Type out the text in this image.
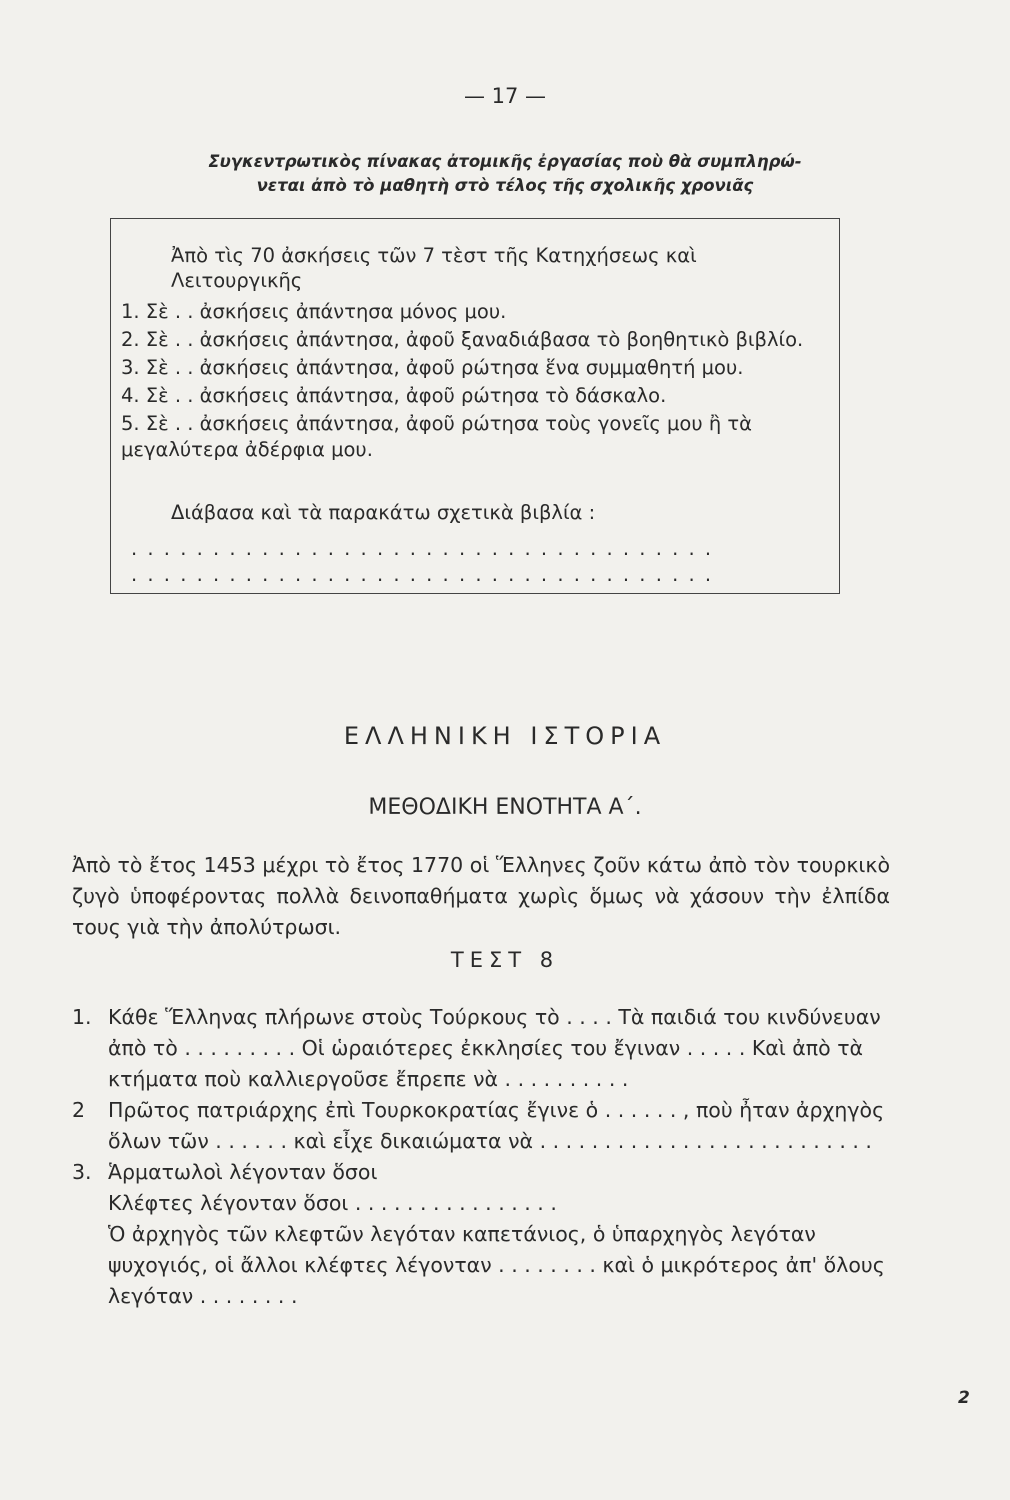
— 17 —
Συγκεντρωτικὸς πίνακας ἀτομικῆς ἐργασίας ποὺ θὰ συμπληρώ-
νεται ἀπὸ τὸ μαθητὴ στὸ τέλος τῆς σχολικῆς χρονιᾶς
Ἀπὸ τὶς 70 ἀσκήσεις τῶν 7 τὲστ τῆς Κατηχήσεως καὶ Λειτουργικῆς
1. Σὲ . . ἀσκήσεις ἀπάντησα μόνος μου.
2. Σὲ . . ἀσκήσεις ἀπάντησα, ἀφοῦ ξαναδιάβασα τὸ βοηθητικὸ βιβλίο.
3. Σὲ . . ἀσκήσεις ἀπάντησα, ἀφοῦ ρώτησα ἕνα συμμαθητή μου.
4. Σὲ . . ἀσκήσεις ἀπάντησα, ἀφοῦ ρώτησα τὸ δάσκαλο.
5. Σὲ . . ἀσκήσεις ἀπάντησα, ἀφοῦ ρώτησα τοὺς γονεῖς μου ἢ τὰ μεγαλύτερα ἀδέρφια μου.
Διάβασα καὶ τὰ παρακάτω σχετικὰ βιβλία :
. . . . . . . . . . . . . . . . . . . . . . . . . . . . . . . . . . . .
. . . . . . . . . . . . . . . . . . . . . . . . . . . . . . . . . . . .
ΕΛΛΗΝΙΚΗ ΙΣΤΟΡΙΑ
ΜΕΘΟΔΙΚΗ ΕΝΟΤΗΤΑ Α΄.
Ἀπὸ τὸ ἔτος 1453 μέχρι τὸ ἔτος 1770 οἱ Ἕλληνες ζοῦν κάτω ἀπὸ τὸν τουρκικὸ ζυγὸ ὑποφέροντας πολλὰ δεινοπαθήματα χωρὶς ὅμως νὰ χάσουν τὴν ἐλπίδα τους γιὰ τὴν ἀπολύτρωσι.
ΤΕΣΤ 8
1. Κάθε Ἕλληνας πλήρωνε στοὺς Τούρκους τὸ . . . . Τὰ παιδιά του κινδύνευαν ἀπὸ τὸ . . . . . . . . . Οἱ ὡραιότερες ἐκκλησίες του ἔγιναν . . . . . Καὶ ἀπὸ τὰ κτήματα ποὺ καλλιεργοῦσε ἔπρεπε νὰ . . . . . . . . . .
2	Πρῶτος πατριάρχης ἐπὶ Τουρκοκρατίας ἔγινε ὁ . . . . . . , ποὺ ἦταν ἀρχηγὸς ὅλων τῶν . . . . . . καὶ εἶχε δικαιώματα νὰ . . . . . . . . . . . . . . . . . . . . . . . . . .
3. Ἁρματωλοὶ λέγονταν ὅσοι
Κλέφτες λέγονταν ὅσοι . . . . . . . . . . . . . . . .
Ὁ ἀρχηγὸς τῶν κλεφτῶν λεγόταν καπετάνιος, ὁ ὑπαρχηγὸς λεγόταν ψυχογιός, οἱ ἄλλοι κλέφτες λέγονταν . . . . . . . . καὶ ὁ μικρότερος ἀπ' ὅλους λεγόταν . . . . . . . .
2
